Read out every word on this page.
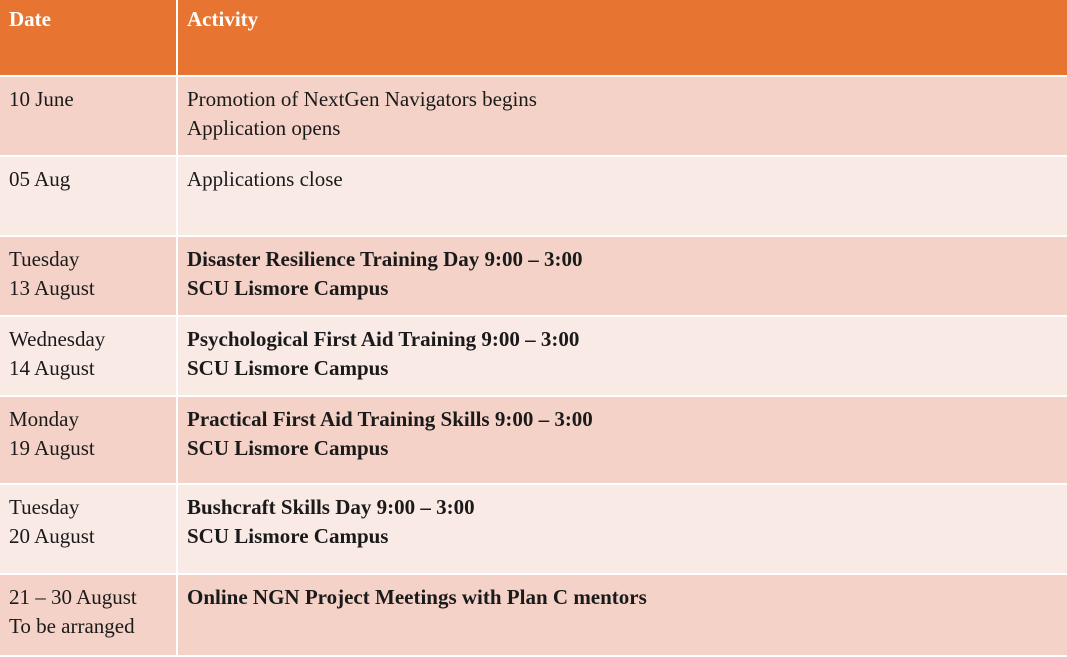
Date	Activity

10 June	Promotion of NextGen Navigators begins
Application opens

05 Aug	Applications close

Tuesday
13 August	Disaster Resilience Training Day 9:00 – 3:00
SCU Lismore Campus

Wednesday
14 August	Psychological First Aid Training 9:00 – 3:00
SCU Lismore Campus

Monday
19 August	Practical First Aid Training Skills 9:00 – 3:00
SCU Lismore Campus

Tuesday
20 August	Bushcraft Skills Day 9:00 – 3:00
SCU Lismore Campus

21 – 30 August
To be arranged	Online NGN Project Meetings with Plan C mentors
